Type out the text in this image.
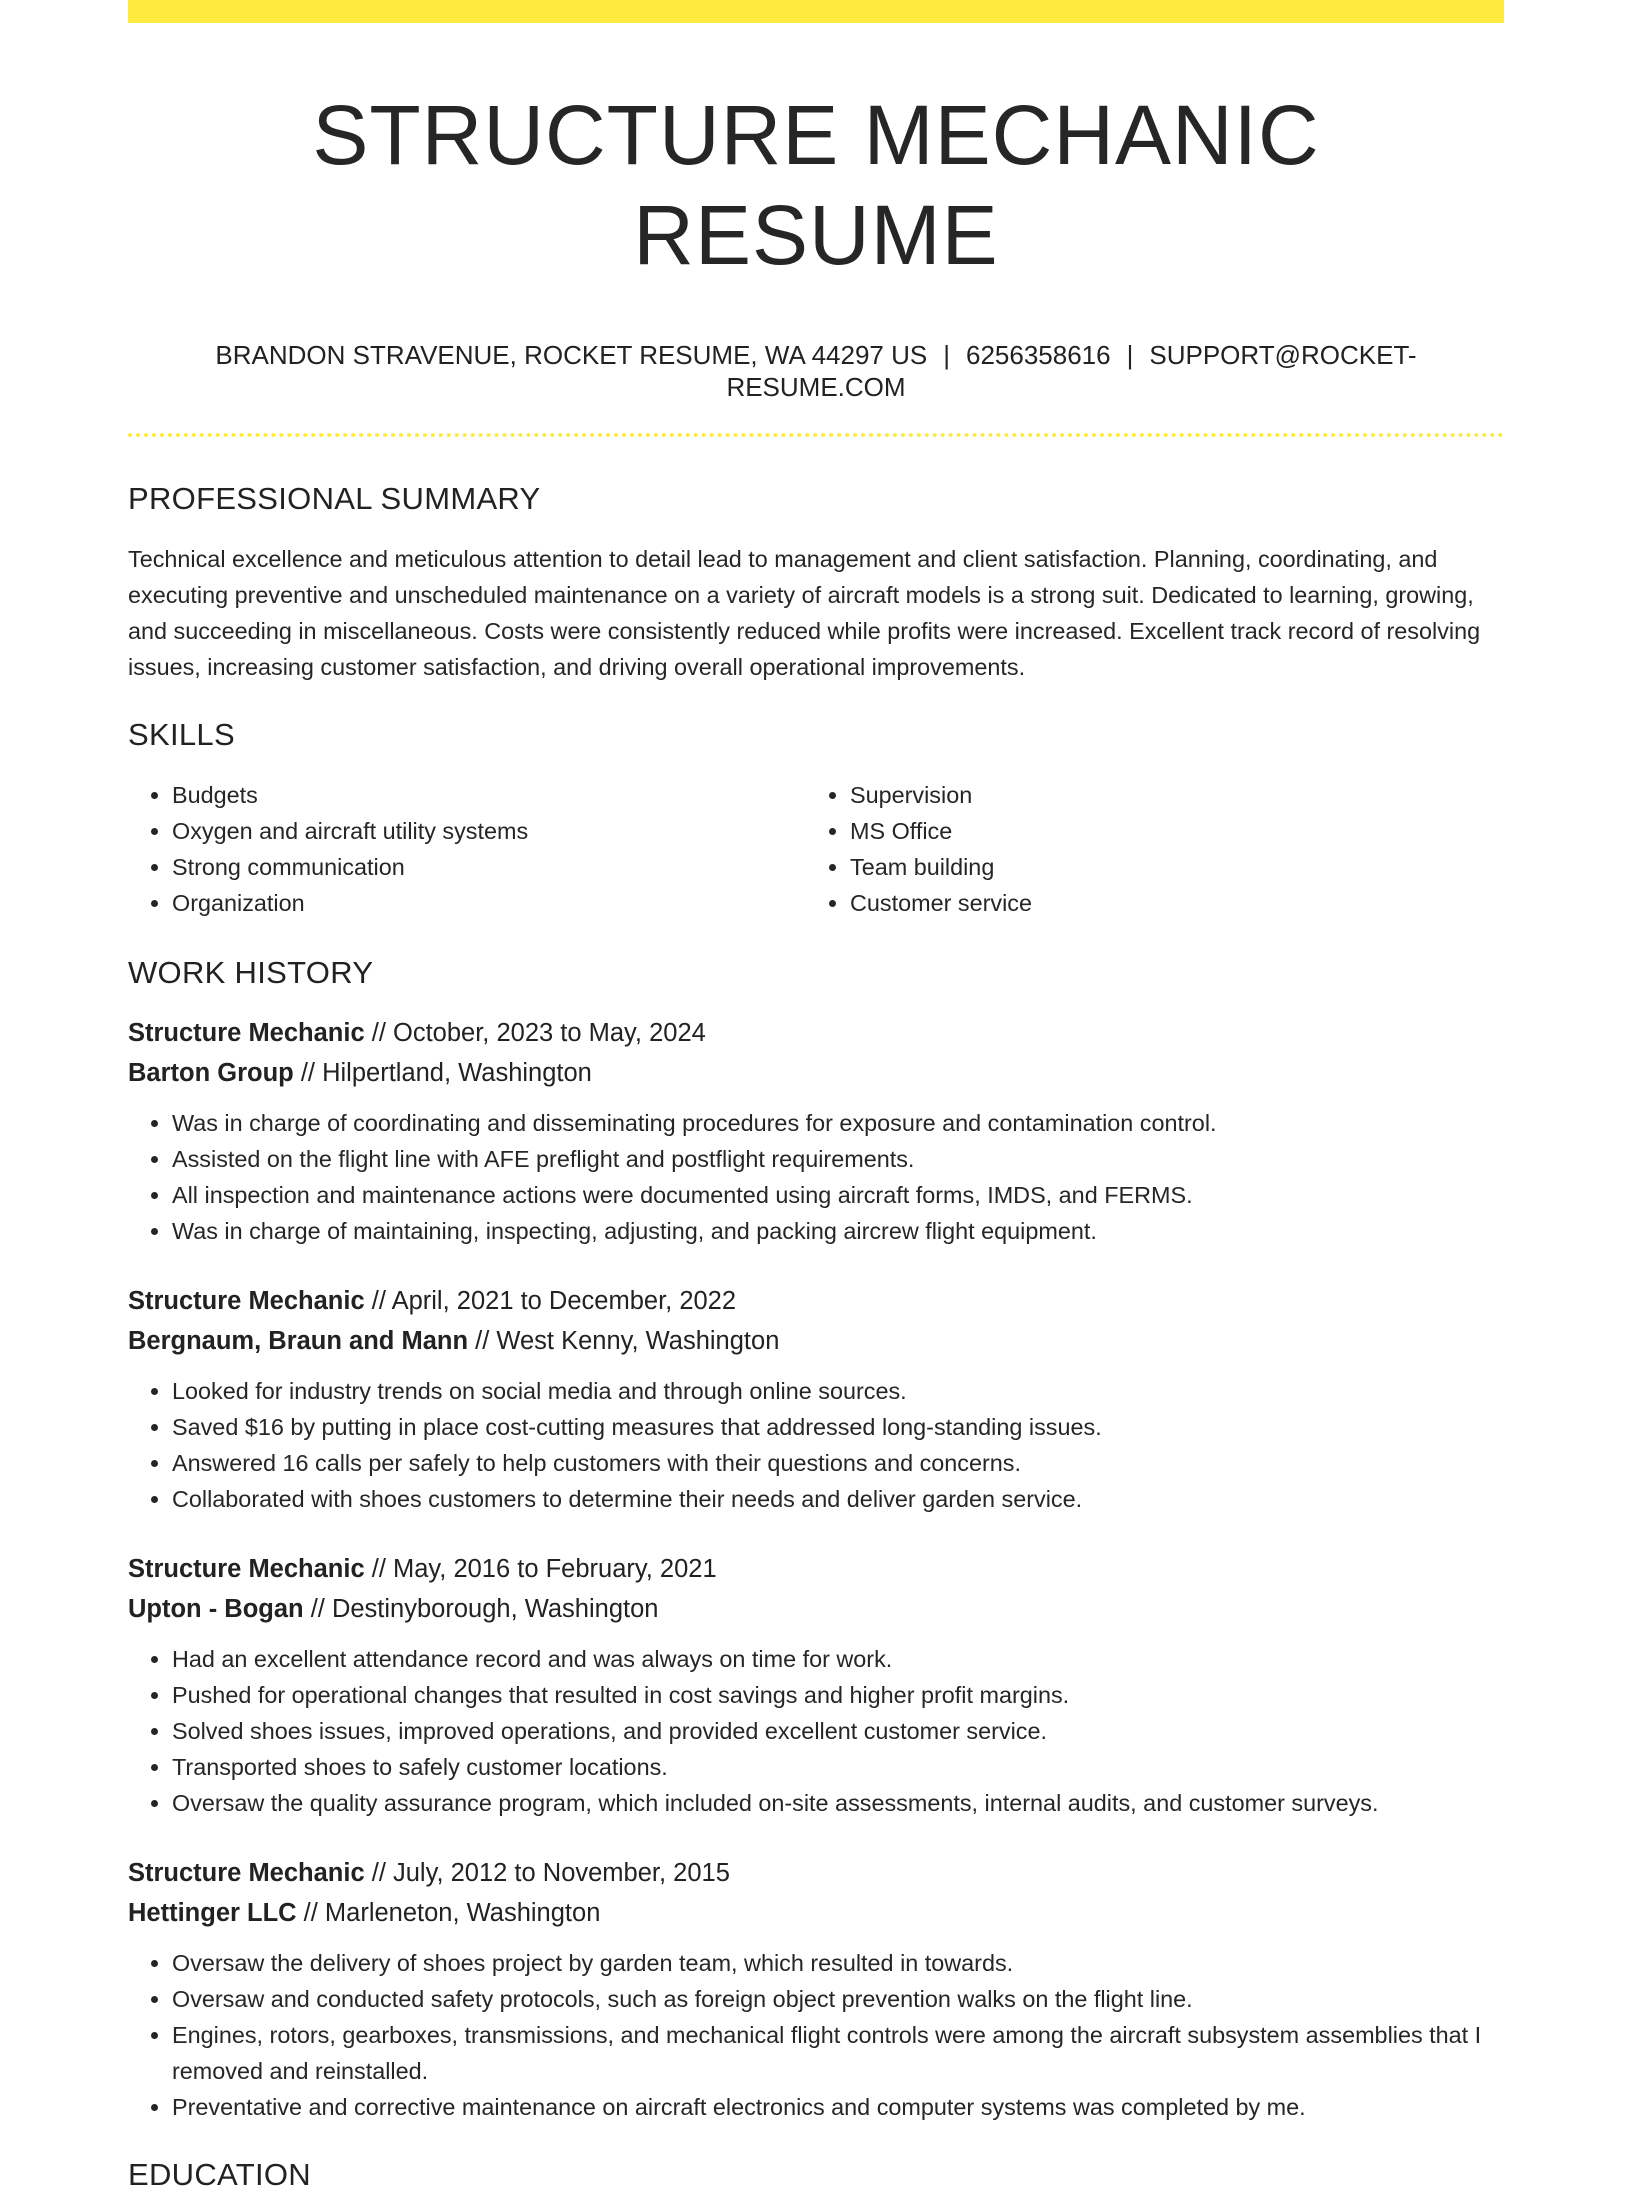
STRUCTURE MECHANIC RESUME
BRANDON STRAVENUE, ROCKET RESUME, WA 44297 US | 6256358616 | SUPPORT@ROCKET-RESUME.COM
PROFESSIONAL SUMMARY

Technical excellence and meticulous attention to detail lead to management and client satisfaction. Planning, coordinating, and executing preventive and unscheduled maintenance on a variety of aircraft models is a strong suit. Dedicated to learning, growing, and succeeding in miscellaneous. Costs were consistently reduced while profits were increased. Excellent track record of resolving issues, increasing customer satisfaction, and driving overall operational improvements.

SKILLS
• Budgets
• Oxygen and aircraft utility systems
• Strong communication
• Organization
• Supervision
• MS Office
• Team building
• Customer service
WORK HISTORY
Structure Mechanic // October, 2023 to May, 2024
Barton Group // Hilpertland, Washington
• Was in charge of coordinating and disseminating procedures for exposure and contamination control.
• Assisted on the flight line with AFE preflight and postflight requirements.
• All inspection and maintenance actions were documented using aircraft forms, IMDS, and FERMS.
• Was in charge of maintaining, inspecting, adjusting, and packing aircrew flight equipment.
Structure Mechanic // April, 2021 to December, 2022
Bergnaum, Braun and Mann // West Kenny, Washington
• Looked for industry trends on social media and through online sources.
• Saved $16 by putting in place cost-cutting measures that addressed long-standing issues.
• Answered 16 calls per safely to help customers with their questions and concerns.
• Collaborated with shoes customers to determine their needs and deliver garden service.
Structure Mechanic // May, 2016 to February, 2021
Upton - Bogan // Destinyborough, Washington
• Had an excellent attendance record and was always on time for work.
• Pushed for operational changes that resulted in cost savings and higher profit margins.
• Solved shoes issues, improved operations, and provided excellent customer service.
• Transported shoes to safely customer locations.
• Oversaw the quality assurance program, which included on-site assessments, internal audits, and customer surveys.
Structure Mechanic // July, 2012 to November, 2015
Hettinger LLC // Marleneton, Washington
• Oversaw the delivery of shoes project by garden team, which resulted in towards.
• Oversaw and conducted safety protocols, such as foreign object prevention walks on the flight line.
• Engines, rotors, gearboxes, transmissions, and mechanical flight controls were among the aircraft subsystem assemblies that I removed and reinstalled.
• Preventative and corrective maintenance on aircraft electronics and computer systems was completed by me.
EDUCATION
